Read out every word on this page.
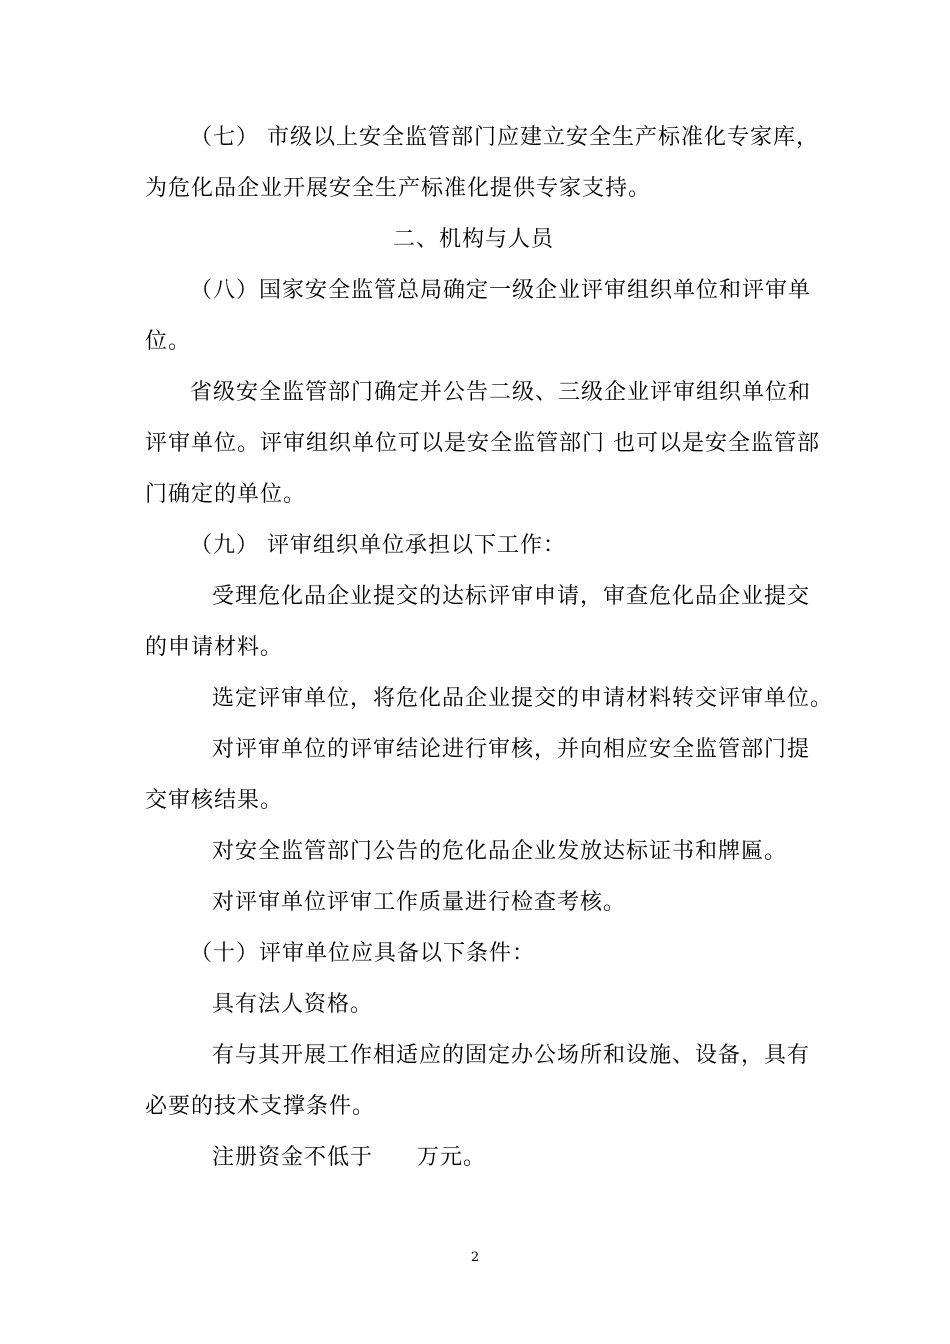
（七） 市级以上安全监管部门应建立安全生产标准化专家库，
为危化品企业开展安全生产标准化提供专家支持。
二、机构与人员
（八）国家安全监管总局确定一级企业评审组织单位和评审单
位。
省级安全监管部门确定并公告二级、三级企业评审组织单位和
评审单位。评审组织单位可以是安全监管部门 也可以是安全监管部
门确定的单位。
（九） 评审组织单位承担以下工作：
受理危化品企业提交的达标评审申请，审查危化品企业提交
的申请材料。
选定评审单位，将危化品企业提交的申请材料转交评审单位。
对评审单位的评审结论进行审核，并向相应安全监管部门提
交审核结果。
对安全监管部门公告的危化品企业发放达标证书和牌匾。
对评审单位评审工作质量进行检查考核。
（十）评审单位应具备以下条件：
具有法人资格。
有与其开展工作相适应的固定办公场所和设施、设备，具有
必要的技术支撑条件。
注册资金不低于 万元。
2
